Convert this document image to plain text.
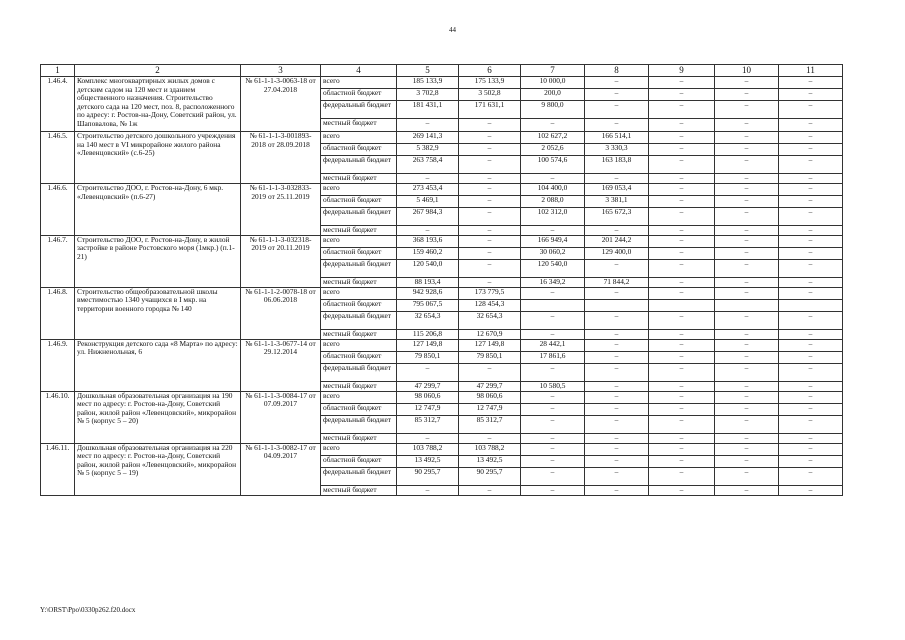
44
1	2	3	4	5	6	7	8	9	10	11
1.46.4.	Комплекс многоквартирных жилых домов с детским садом на 120 мест и зданием общественного назначения. Строительство детского сада на 120 мест, поз. 8, расположенного по адресу: г. Ростов-на-Дону, Советский район, ул. Шаповалова, № 1ж	№ 61-1-1-3-0063-18 от 27.04.2018	всего	185 133,9	175 133,9	10 000,0	–	–	–	–
			областной бюджет	3 702,8	3 502,8	200,0	–	–	–	–
			федеральный бюджет	181 431,1	171 631,1	9 800,0	–	–	–	–
			местный бюджет	–	–	–	–	–	–	–
1.46.5.	Строительство детского дошкольного учреждения на 140 мест в VI микрорайоне жилого района «Левенцовский» (с.6-25)	№ 61-1-1-3-001893-2018 от 28.09.2018	всего	269 141,3	–	102 627,2	166 514,1	–	–	–
			областной бюджет	5 382,9	–	2 052,6	3 330,3	–	–	–
			федеральный бюджет	263 758,4	–	100 574,6	163 183,8	–	–	–
			местный бюджет	–	–	–	–	–	–	–
1.46.6.	Строительство ДОО, г. Ростов-на-Дону, 6 мкр. «Левенцовский» (п.6-27)	№ 61-1-1-3-032833-2019 от 25.11.2019	всего	273 453,4	–	104 400,0	169 053,4	–	–	–
			областной бюджет	5 469,1	–	2 088,0	3 381,1	–	–	–
			федеральный бюджет	267 984,3	–	102 312,0	165 672,3	–	–	–
			местный бюджет	–	–	–	–	–	–	–
1.46.7.	Строительство ДОО, г. Ростов-на-Дону, в жилой застройке в районе Ростовского моря (1мкр.) (п.1-21)	№ 61-1-1-3-032318-2019 от 20.11.2019	всего	368 193,6	–	166 949,4	201 244,2	–	–	–
			областной бюджет	159 460,2	–	30 060,2	129 400,0	–	–	–
			федеральный бюджет	120 540,0	–	120 540,0	–	–	–	–
			местный бюджет	88 193,4	–	16 349,2	71 844,2	–	–	–
1.46.8.	Строительство общеобразовательной школы вместимостью 1340 учащихся в I мкр. на территории военного городка № 140	№ 61-1-1-2-0078-18 от 06.06.2018	всего	942 928,6	173 779,5	–	–	–	–	–
			областной бюджет	795 067,5	128 454,3					
			федеральный бюджет	32 654,3	32 654,3	–	–	–	–	–
			местный бюджет	115 206,8	12 670,9	–	–	–	–	–
1.46.9.	Реконструкция детского сада «8 Марта» по адресу: ул. Нижненольная, 6	№ 61-1-1-3-0677-14 от 29.12.2014	всего	127 149,8	127 149,8	28 442,1	–	–	–	–
			областной бюджет	79 850,1	79 850,1	17 861,6	–	–	–	–
			федеральный бюджет	–	–	–	–	–	–	–
			местный бюджет	47 299,7	47 299,7	10 580,5	–	–	–	–
1.46.10.	Дошкольная образовательная организация на 190 мест по адресу: г. Ростов-на-Дону, Советский район, жилой район «Левенцовский», микрорайон № 5 (корпус 5 – 20)	№ 61-1-1-3-0084-17 от 07.09.2017	всего	98 060,6	98 060,6	–	–	–	–	–
			областной бюджет	12 747,9	12 747,9	–	–	–	–	–
			федеральный бюджет	85 312,7	85 312,7	–	–	–	–	–
			местный бюджет	–	–	–	–	–	–	–
1.46.11.	Дошкольная образовательная организация на 220 мест по адресу: г. Ростов-на-Дону, Советский район, жилой район «Левенцовский», микрорайон № 5 (корпус 5 – 19)	№ 61-1-1-3-0082-17 от 04.09.2017	всего	103 788,2	103 788,2	–	–	–	–	–
			областной бюджет	13 492,5	13 492,5	–	–	–	–	–
			федеральный бюджет	90 295,7	90 295,7	–	–	–	–	–
			местный бюджет	–	–	–	–	–	–	–
Y:\ORST\Ppo\0330p262.f20.docx
